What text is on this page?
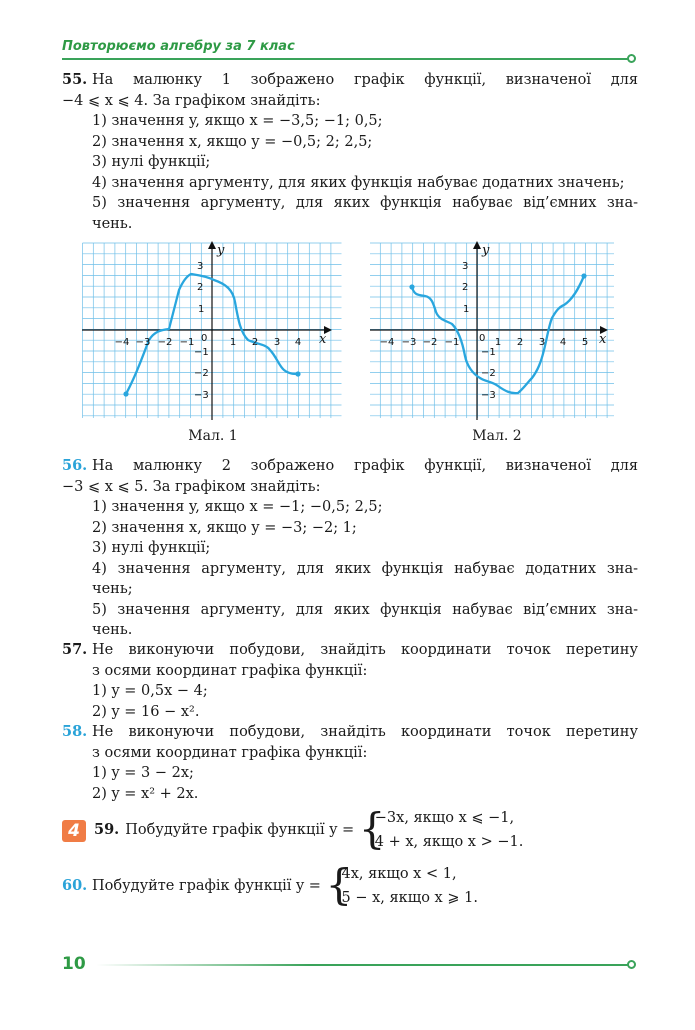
Повторюємо алгебру за 7 клас

55. На малюнку 1 зображено графік функції, визначеної для

−4 ⩽ x ⩽ 4. За графіком знайдіть:

1) значення y, якщо x = −3,5; −1; 0,5;

2) значення x, якщо y = −0,5; 2; 2,5;

3) нулі функції;

4) значення аргументу, для яких функція набуває додатних значень;

5) значення аргументу, для яких функція набуває від’ємних зна-

чень.

−4 −3 −2 −1	1 2 3 4
0
3
2
1
−1
−2
−3
x
y
Мал. 1
−4 −3 −2 −1	1 2 3 4 5
0
3
2
1
−1
−2
−3
x
y
Мал. 2

56. На малюнку 2 зображено графік функції, визначеної для

−3 ⩽ x ⩽ 5. За графіком знайдіть:

1) значення y, якщо x = −1; −0,5; 2,5;

2) значення x, якщо y = −3; −2; 1;

3) нулі функції;

4) значення аргументу, для яких функція набуває додатних зна-

чень;

5) значення аргументу, для яких функція набуває від’ємних зна-

чень.

57. Не виконуючи побудови, знайдіть координати точок перетину

з осями координат графіка функції:

1) y = 0,5x − 4;

2) y = 16 − x².

58. Не виконуючи побудови, знайдіть координати точок перетину

з осями координат графіка функції:

1) y = 3 − 2x;

2) y = x² + 2x.

4 59. Побудуйте графік функції y = {
−3x, якщо x ⩽ −1,
4 + x, якщо x > −1.
60. Побудуйте графік функції y = {
4x, якщо x < 1,
5 − x, якщо x ⩾ 1.
10
